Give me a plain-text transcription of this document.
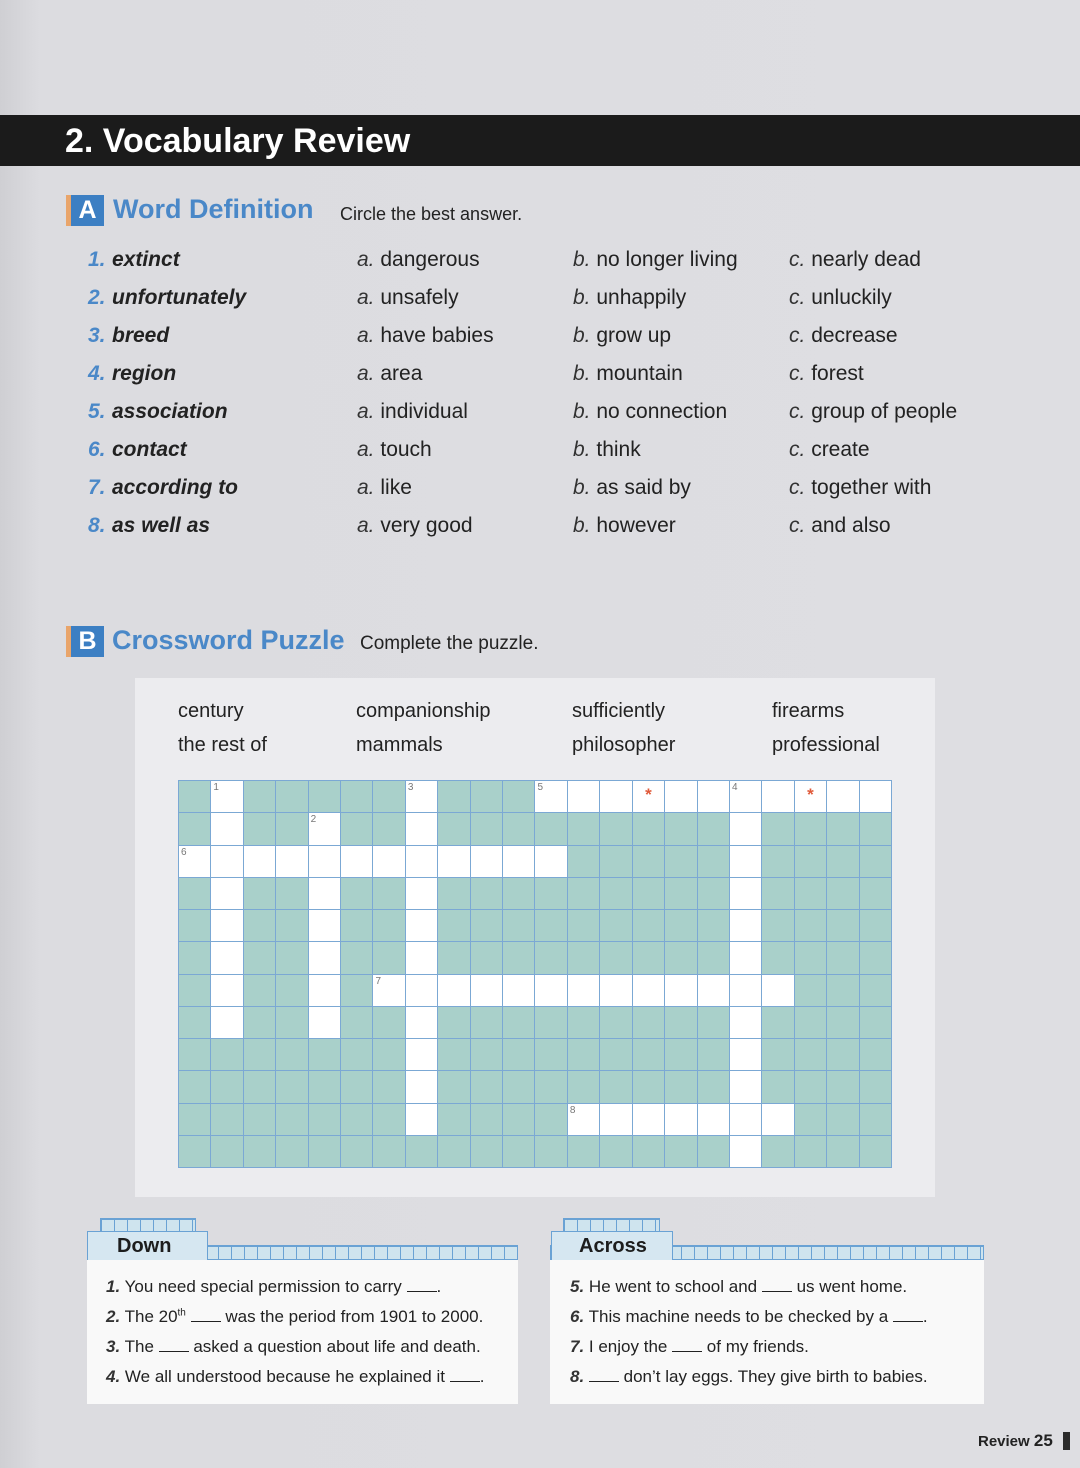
2. Vocabulary Review
A Word Definition Circle the best answer.
1. extinct	a. dangerous	b. no longer living c. nearly dead
2. unfortunately	a. unsafely	b. unhappily	c. unluckily
3. breed	a. have babies	b. grow up	c. decrease
4. region	a. area	b. mountain	c. forest
5. association	a. individual	b. no connection	c. group of people
6. contact	a. touch	b. think	c. create
7. according to	a. like	b. as said by	c. together with
8. as well as	a. very good	b. however	c. and also
B Crossword Puzzle Complete the puzzle.
century	companionship	sufficiently	firearms
the rest of	mammals	philosopher	professional
1	3	5	*	4	*
2
6
7
8
Down
1. You need special permission to carry .
2. The 20th  was the period from 1901 to 2000.
3. The  asked a question about life and death.
4. We all understood because he explained it .
Across
5. He went to school and  us went home.
6. This machine needs to be checked by a .
7. I enjoy the  of my friends.
8.  don’t lay eggs. They give birth to babies.
Review 25
